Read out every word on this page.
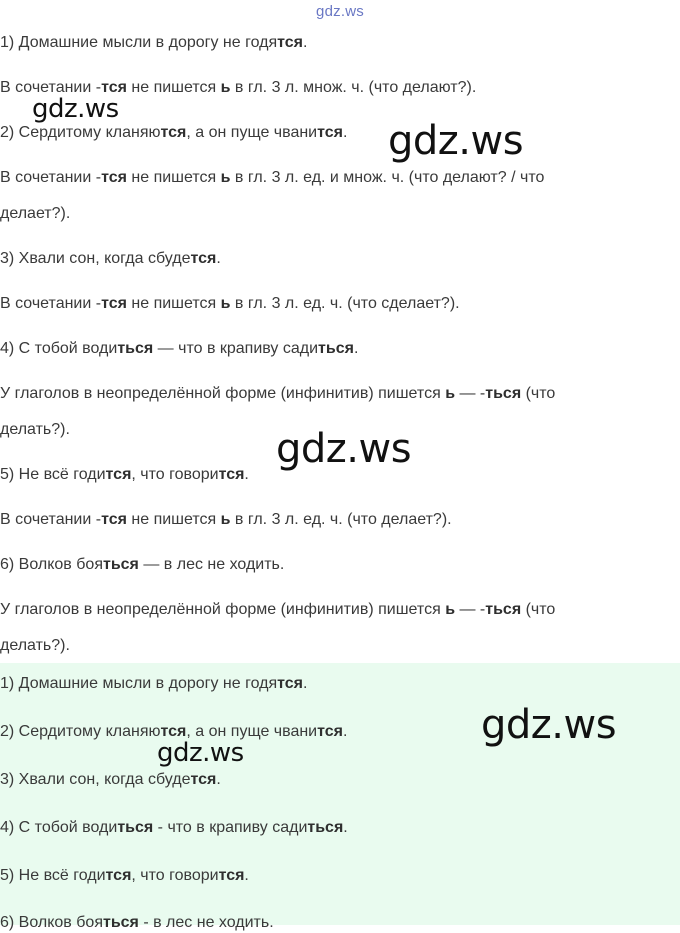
gdz.ws
1) Домашние мысли в дорогу не годятся.
В сочетании -тся не пишется ь в гл. 3 л. множ. ч. (что делают?).
2) Сердитому кланяются, а он пуще чванится.
В сочетании -тся не пишется ь в гл. 3 л. ед. и множ. ч. (что делают? / что
делает?).
3) Хвали сон, когда сбудется.
В сочетании -тся не пишется ь в гл. 3 л. ед. ч. (что сделает?).
4) С тобой водиться — что в крапиву садиться.
У глаголов в неопределённой форме (инфинитив) пишется ь — -ться (что
делать?).
5) Не всё годится, что говорится.
В сочетании -тся не пишется ь в гл. 3 л. ед. ч. (что делает?).
6) Волков бояться — в лес не ходить.
У глаголов в неопределённой форме (инфинитив) пишется ь — -ться (что
делать?).
1) Домашние мысли в дорогу не годятся.
2) Сердитому кланяются, а он пуще чванится.
3) Хвали сон, когда сбудется.
4) С тобой водиться - что в крапиву садиться.
5) Не всё годится, что говорится.
6) Волков бояться - в лес не ходить.
gdz.ws
gdz.ws
gdz.ws
gdz.ws
gdz.ws
